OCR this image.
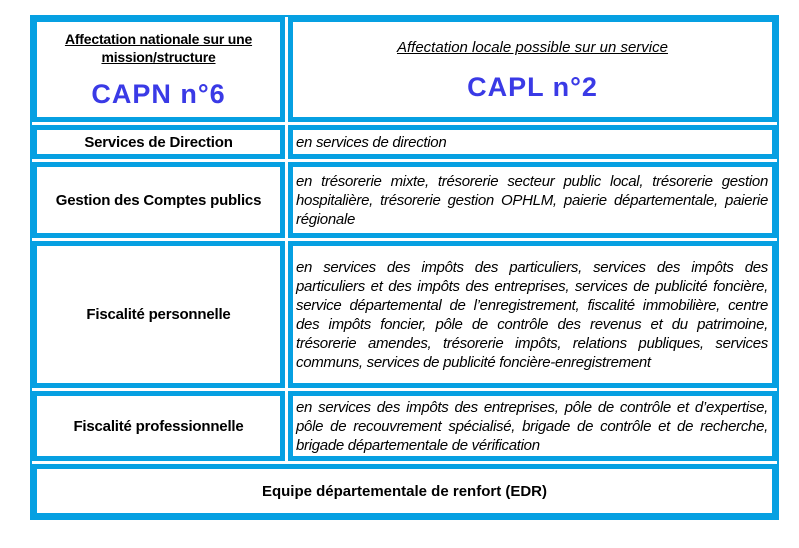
Affectation nationale sur une mission/structure
CAPN n°6
Affectation locale possible sur un service
CAPL n°2
Services de Direction	en services de direction
Gestion des Comptes publics
en trésorerie mixte, trésorerie secteur public local, trésorerie gestion hospitalière, trésorerie gestion OPHLM, paierie départementale, paierie régionale
Fiscalité personnelle
en services des impôts des particuliers, services des impôts des particuliers et des impôts des entreprises, services de publicité foncière, service départemental de l’enregistrement, fiscalité immobilière, centre des impôts foncier, pôle de contrôle des revenus et du patrimoine, trésorerie amendes, trésorerie impôts, relations publiques, services communs, services de publicité foncière-enregistrement
Fiscalité professionnelle
en services des impôts des entreprises, pôle de contrôle et d’expertise, pôle de recouvrement spécialisé, brigade de contrôle et de recherche, brigade départementale de vérification
Equipe départementale de renfort (EDR)
